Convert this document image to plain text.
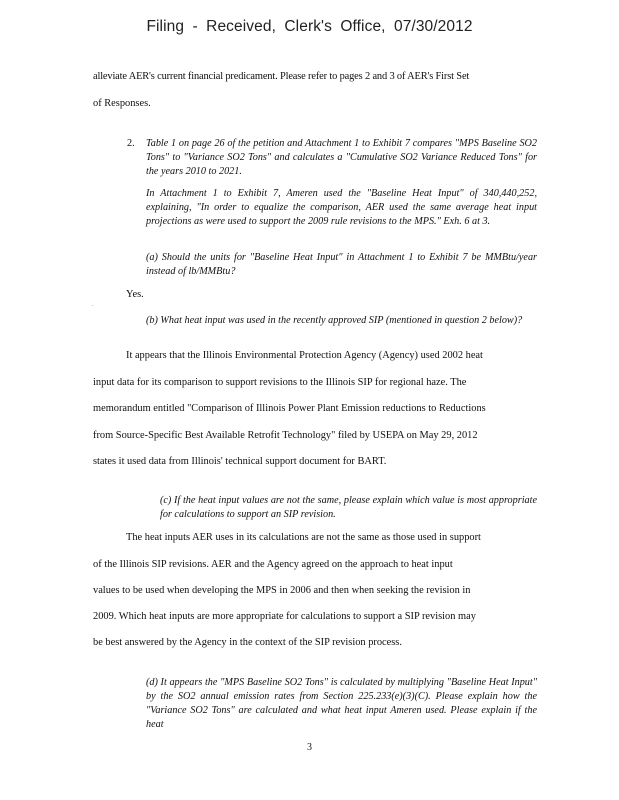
Filing - Received, Clerk's Office, 07/30/2012
alleviate AER's current financial predicament. Please refer to pages 2 and 3 of AER's First Set
of Responses.
2. Table 1 on page 26 of the petition and Attachment 1 to Exhibit 7 compares "MPS Baseline SO2 Tons" to "Variance SO2 Tons" and calculates a "Cumulative SO2 Variance Reduced Tons" for the years 2010 to 2021.
In Attachment 1 to Exhibit 7, Ameren used the "Baseline Heat Input" of 340,440,252, explaining, "In order to equalize the comparison, AER used the same average heat input projections as were used to support the 2009 rule revisions to the MPS." Exh. 6 at 3.
(a) Should the units for "Baseline Heat Input" in Attachment 1 to Exhibit 7 be MMBtu/year instead of lb/MMBtu?
.
Yes.
(b) What heat input was used in the recently approved SIP (mentioned in question 2 below)?
It appears that the Illinois Environmental Protection Agency (Agency) used 2002 heat
input data for its comparison to support revisions to the Illinois SIP for regional haze. The
memorandum entitled "Comparison of Illinois Power Plant Emission reductions to Reductions
from Source-Specific Best Available Retrofit Technology" filed by USEPA on May 29, 2012
states it used data from Illinois' technical support document for BART.
(c) If the heat input values are not the same, please explain which value is most appropriate for calculations to support an SIP revision.
The heat inputs AER uses in its calculations are not the same as those used in support
of the Illinois SIP revisions. AER and the Agency agreed on the approach to heat input
values to be used when developing the MPS in 2006 and then when seeking the revision in
2009. Which heat inputs are more appropriate for calculations to support a SIP revision may
be best answered by the Agency in the context of the SIP revision process.
(d) It appears the "MPS Baseline SO2 Tons" is calculated by multiplying "Baseline Heat Input" by the SO2 annual emission rates from Section 225.233(e)(3)(C). Please explain how the "Variance SO2 Tons" are calculated and what heat input Ameren used. Please explain if the heat
3
